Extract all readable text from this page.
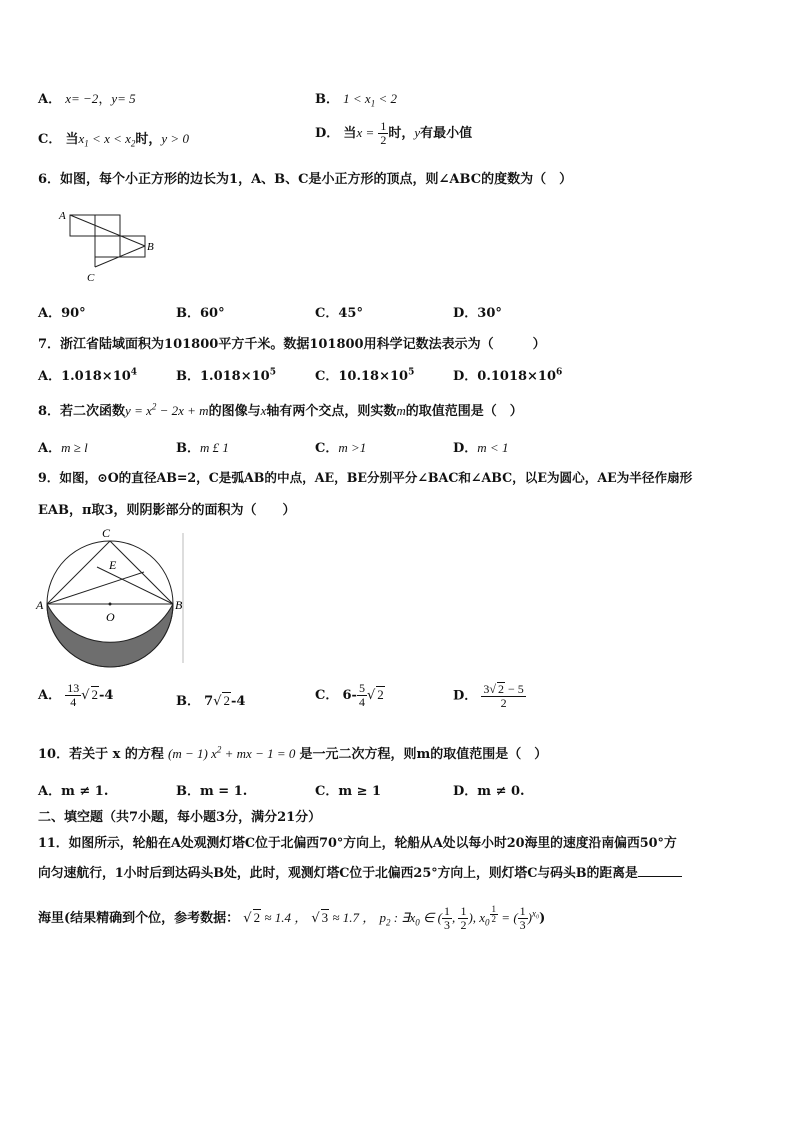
A． x= −2，y= 5	B． $1 < x_1 < 2$
C． 当$x_1 < x < x_2$时，y > 0	D． 当$x = \frac{1}{2}$ 时，y有最小值
6．如图，每个小正方形的边长为1，A、B、C是小正方形的顶点，则∠ABC的度数为（　）
A
B
C
A．90°	B．60°	C．45°	D．30°
7．浙江省陆域面积为101800平方千米。数据101800用科学记数法表示为（　　　）
A．$1.018\times 10^4$	B．$1.018\times 10^5$	C．$10.18\times 10^5$	D．$0.1018\times 10^6$
8．若二次函数$y = x^2 - 2x + m$的图像与x轴有两个交点，则实数m的取值范围是（　）
A．m ≥ l	B．m £ 1	C．m >1	D．m < 1
9．如图，⊙O的直径AB=2，C是弧AB的中点，AE，BE分别平分∠BAC和∠ABC，以E为圆心，AE为半径作扇形
EAB，π取3，则阴影部分的面积为（　　）
C
E
A	B
O
A． $\frac{13}{4}$ √ 2-4	B． 7√ 2-4	C． $6- \frac{5}{4}$ √ 2	D． $\frac{3√ 2 - 5}{2}$
10．若关于 x 的方程 (m − 1) $x^2$ + mx − 1 = 0 是一元二次方程，则m的取值范围是（　）
A．m ≠ 1.	B．m = 1.	C．m ≥ 1	D．m ≠ 0.
二、填空题（共7小题，每小题3分，满分21分）
11．如图所示，轮船在A处观测灯塔C位于北偏西70°方向上，轮船从A处以每小时20海里的速度沿南偏西50°方
向匀速航行，1小时后到达码头B处，此时，观测灯塔C位于北偏西25°方向上，则灯塔C与码头B的距离是
海里(结果精确到个位，参考数据： √ 2 ≈ 1.4 ， √ 3 ≈ 1.7 ， $p_2$ : $\exists x_0$ ∈ ( $\frac{1}{3}$ , $\frac{1}{2}$ ), $x_0$ $^{\frac{1}{2}}$ = ( $\frac{1}{3} )^{x_0}$)
